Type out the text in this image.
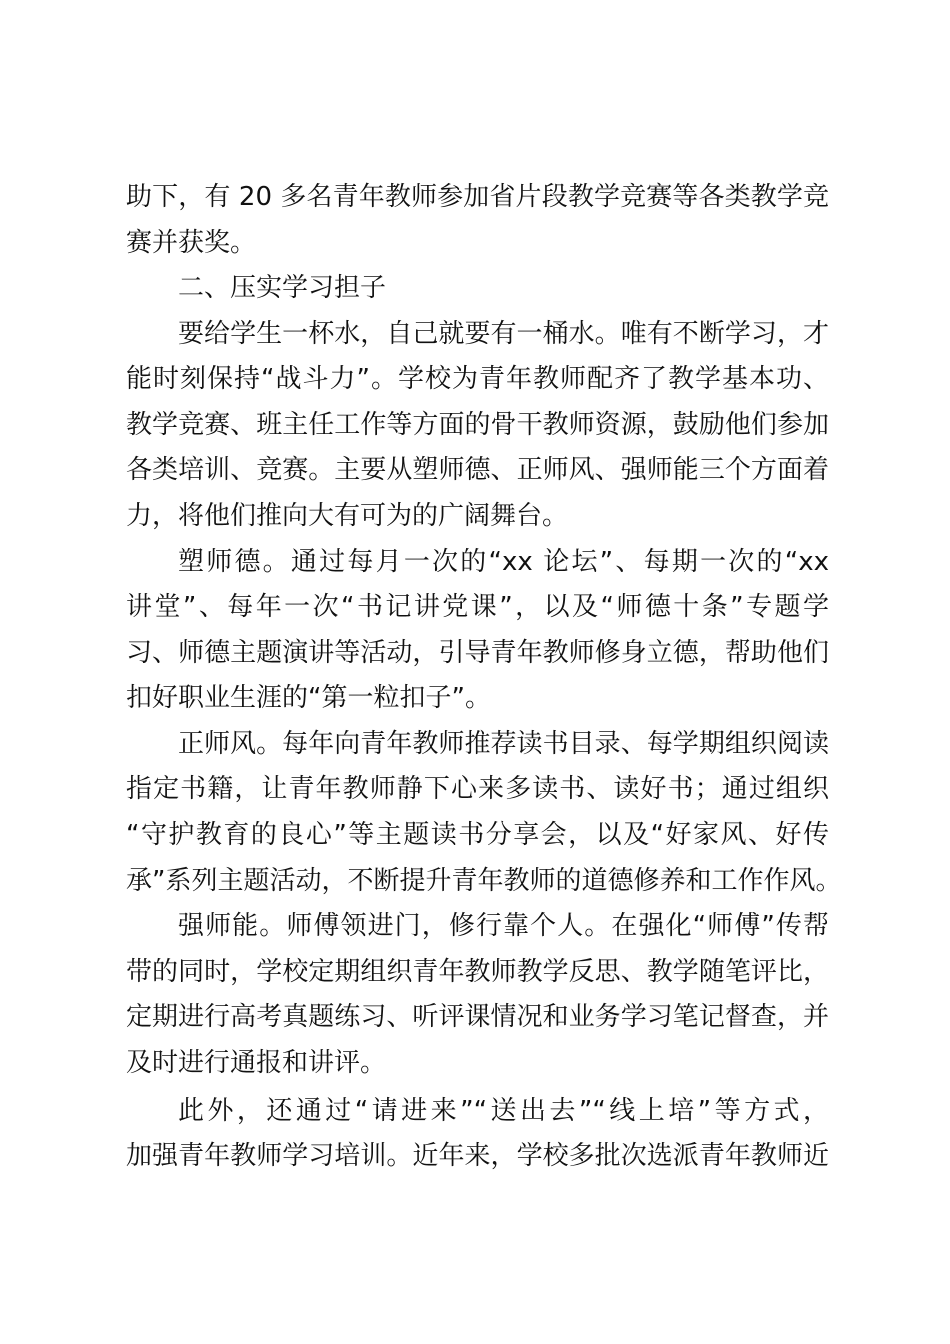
助下，有 20 多名青年教师参加省片段教学竞赛等各类教学竞
赛并获奖。
二、压实学习担子
要给学生一杯水，自己就要有一桶水。唯有不断学习，才
能时刻保持“战斗力”。学校为青年教师配齐了教学基本功、
教学竞赛、班主任工作等方面的骨干教师资源，鼓励他们参加
各类培训、竞赛。主要从塑师德、正师风、强师能三个方面着
力，将他们推向大有可为的广阔舞台。
塑师德。通过每月一次的“xx 论坛”、每期一次的“xx
讲堂”、每年一次“书记讲党课”，以及“师德十条”专题学
习、师德主题演讲等活动，引导青年教师修身立德，帮助他们
扣好职业生涯的“第一粒扣子”。
正师风。每年向青年教师推荐读书目录、每学期组织阅读
指定书籍，让青年教师静下心来多读书、读好书；通过组织
“守护教育的良心”等主题读书分享会，以及“好家风、好传
承”系列主题活动，不断提升青年教师的道德修养和工作作风。
强师能。师傅领进门，修行靠个人。在强化“师傅”传帮
带的同时，学校定期组织青年教师教学反思、教学随笔评比，
定期进行高考真题练习、听评课情况和业务学习笔记督查，并
及时进行通报和讲评。
此外，还通过“请进来”“送出去”“线上培”等方式，
加强青年教师学习培训。近年来，学校多批次选派青年教师近
